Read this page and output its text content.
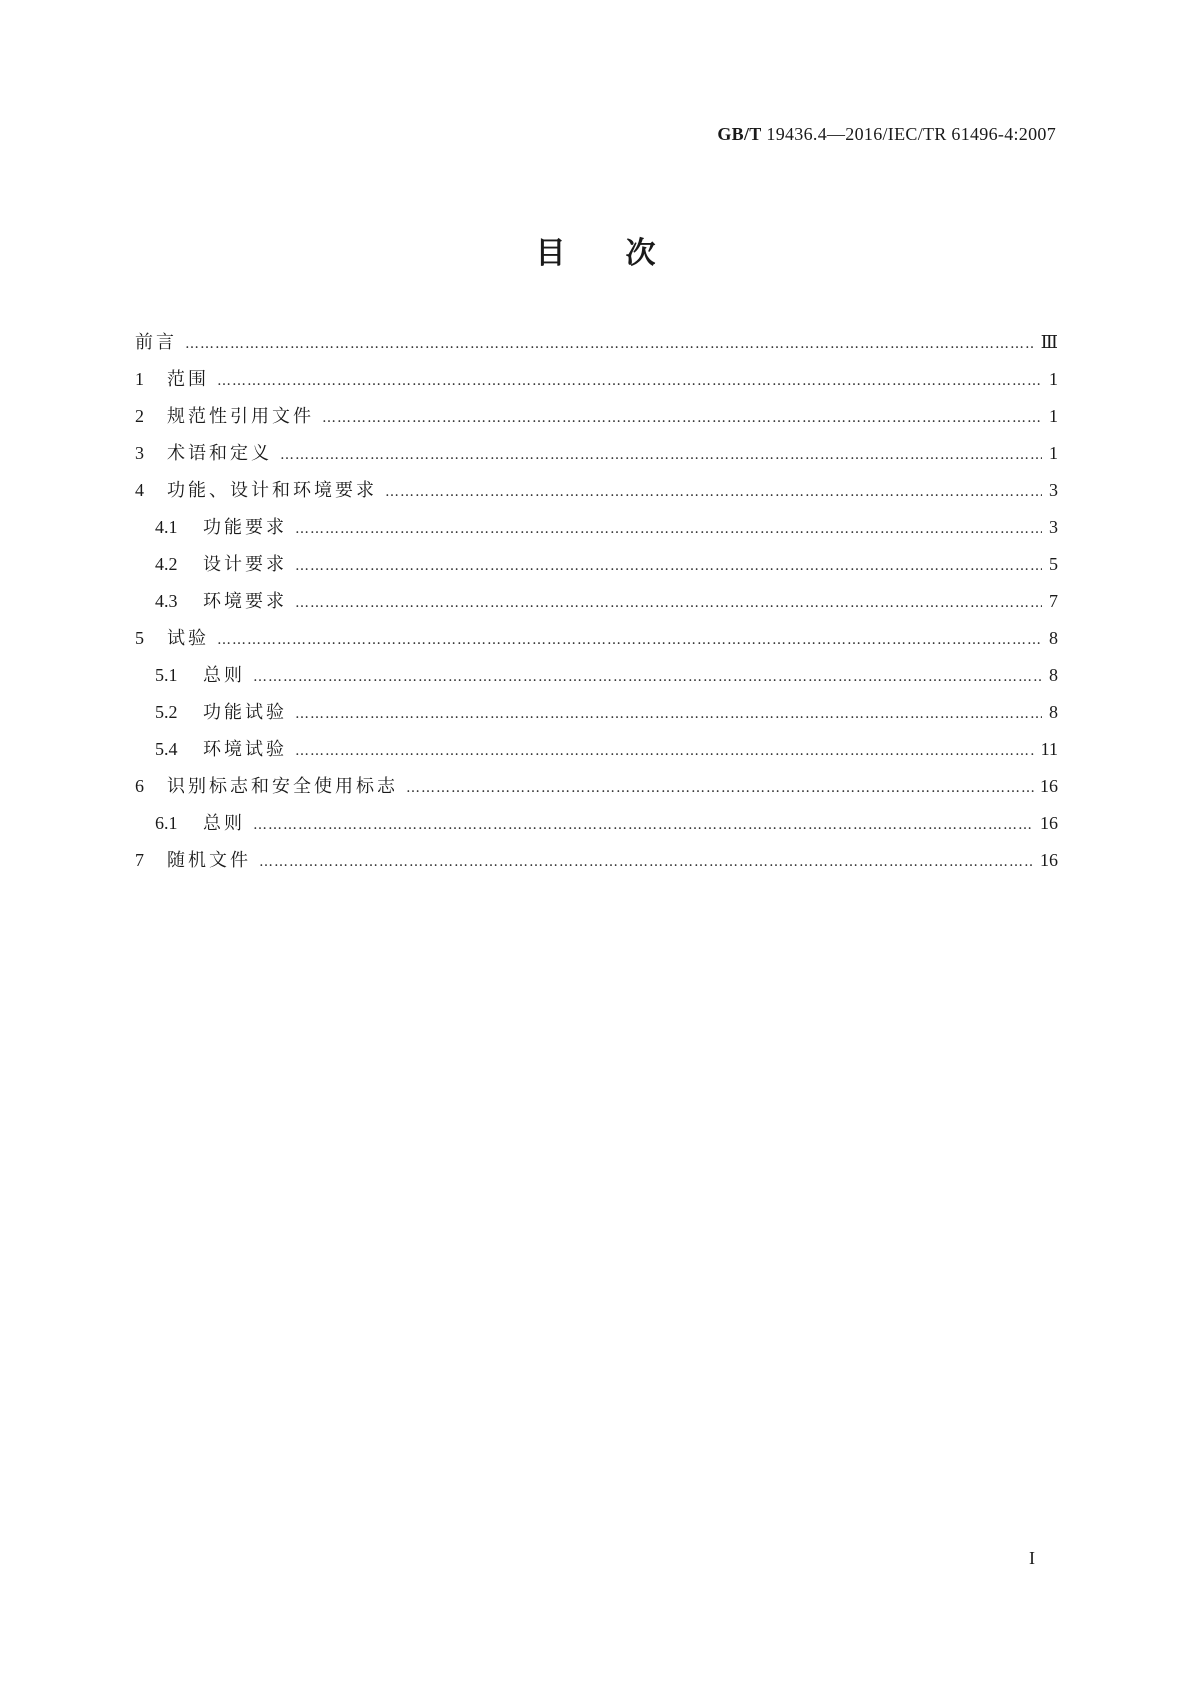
GB/T 19436.4—2016/IEC/TR 61496-4:2007
目次
前言 ……………………………………………………………………………………………………………………………………………………………………………………………………………………………………	Ⅲ
1	范围 ……………………………………………………………………………………………………………………………………………………………………………………………………………………………………	1
2	规范性引用文件 ……………………………………………………………………………………………………………………………………………………………………………………………………………………………………	1
3	术语和定义 ……………………………………………………………………………………………………………………………………………………………………………………………………………………………………	1
4	功能、设计和环境要求 ……………………………………………………………………………………………………………………………………………………………………………………………………………………………………	3
4.1	功能要求 ……………………………………………………………………………………………………………………………………………………………………………………………………………………………………	3
4.2	设计要求 ……………………………………………………………………………………………………………………………………………………………………………………………………………………………………	5
4.3	环境要求 ……………………………………………………………………………………………………………………………………………………………………………………………………………………………………	7
5	试验 ……………………………………………………………………………………………………………………………………………………………………………………………………………………………………	8
5.1	总则 ……………………………………………………………………………………………………………………………………………………………………………………………………………………………………	8
5.2	功能试验 ……………………………………………………………………………………………………………………………………………………………………………………………………………………………………	8
5.4	环境试验 ……………………………………………………………………………………………………………………………………………………………………………………………………………………………………	11
6	识别标志和安全使用标志 ……………………………………………………………………………………………………………………………………………………………………………………………………………………………………	16
6.1	总则 ……………………………………………………………………………………………………………………………………………………………………………………………………………………………………	16
7	随机文件 ……………………………………………………………………………………………………………………………………………………………………………………………………………………………………	16
I
